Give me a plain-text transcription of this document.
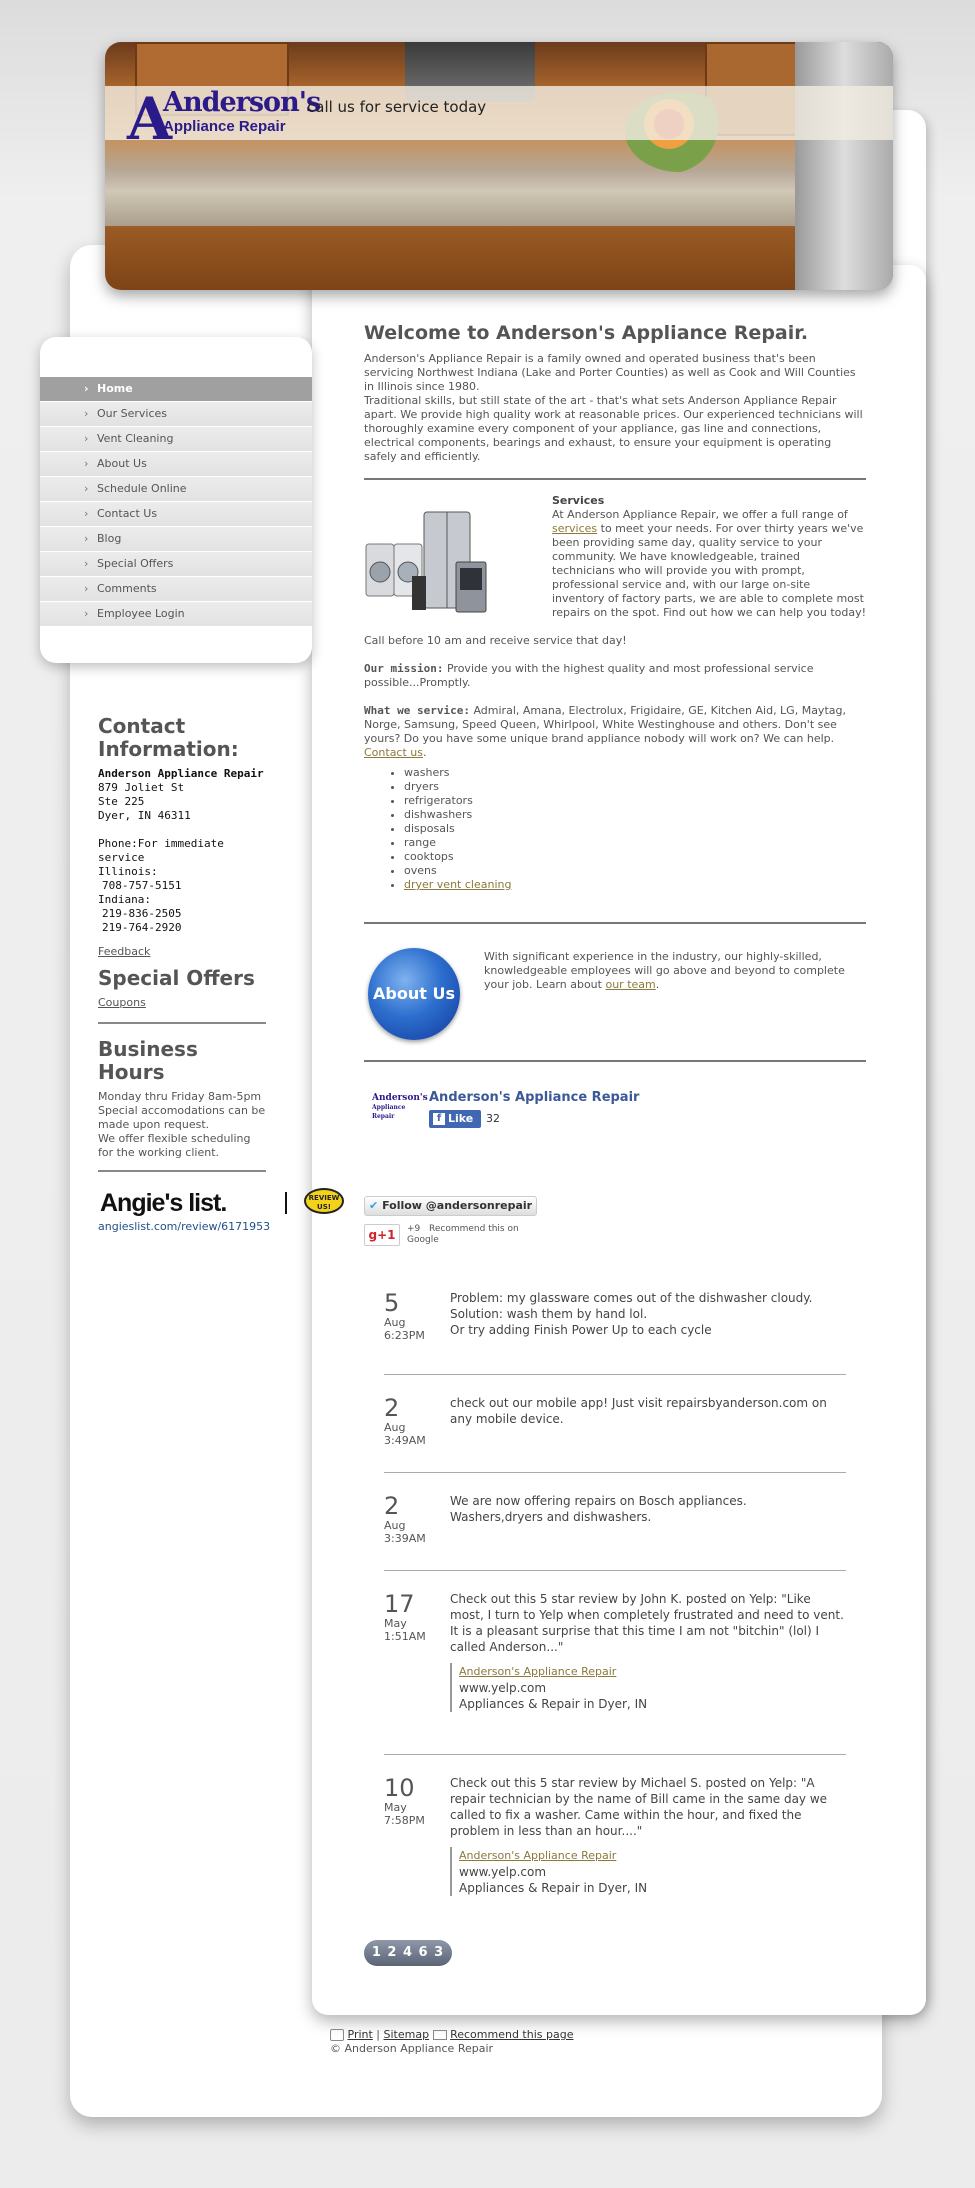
A
Anderson's
Appliance Repair
call us for service today
› Home
› Our Services
› Vent Cleaning
› About Us
› Schedule Online
› Contact Us
› Blog
› Special Offers
› Comments
› Employee Login
Contact Information:

Anderson Appliance Repair

879 Joliet St

Ste 225

Dyer, IN 46311

Phone:For immediate service

Illinois:

708-757-5151

Indiana:

219-836-2505

219-764-2920

Feedback
Special Offers
Coupons
Business Hours

Monday thru Friday 8am-5pm

Special accomodations can be made upon request.

We offer flexible scheduling for the working client.

Angie's list.	REVIEW US!
angieslist.com/review/6171953
Welcome to Anderson's Appliance Repair.

Anderson's Appliance Repair is a family owned and operated business that's been servicing Northwest Indiana (Lake and Porter Counties) as well as Cook and Will Counties in Illinois since 1980.

Traditional skills, but still state of the art - that's what sets Anderson Appliance Repair apart. We provide high quality work at reasonable prices. Our experienced technicians will thoroughly examine every component of your appliance, gas line and connections, electrical components, bearings and exhaust, to ensure your equipment is operating safely and efficiently.

Services

At Anderson Appliance Repair, we offer a full range of services to meet your needs. For over thirty years we've been providing same day, quality service to your community. We have knowledgeable, trained technicians who will provide you with prompt, professional service and, with our large on-site inventory of factory parts, we are able to complete most repairs on the spot. Find out how we can help you today!

Call before 10 am and receive service that day!

Our mission: Provide you with the highest quality and most professional service possible...Promptly.

What we service: Admiral, Amana, Electrolux, Frigidaire, GE, Kitchen Aid, LG, Maytag, Norge, Samsung, Speed Queen, Whirlpool, White Westinghouse and others. Don't see yours? Do you have some unique brand appliance nobody will work on? We can help. Contact us.

• washers
• dryers
• refrigerators
• dishwashers
• disposals
• range
• cooktops
• ovens
• dryer vent cleaning
About Us

With significant experience in the industry, our highly-skilled, knowledgeable employees will go above and beyond to complete your job. Learn about our team.

Anderson's
Appliance Repair
Anderson's Appliance Repair
f Like	32
✔ Follow @andersonrepair
g+1	+9 Recommend this on Google
5
Aug
6:23PM
Problem: my glassware comes out of the dishwasher cloudy.
Solution: wash them by hand lol.
Or try adding Finish Power Up to each cycle
2
Aug
3:49AM
check out our mobile app! Just visit repairsbyanderson.com on any mobile device.
2
Aug
3:39AM
We are now offering repairs on Bosch appliances.
Washers,dryers and dishwashers.
17
May
1:51AM
Check out this 5 star review by John K. posted on Yelp: "Like most, I turn to Yelp when completely frustrated and need to vent. It is a pleasant surprise that this time I am not "bitchin" (lol) I called Anderson..."
Anderson's Appliance Repair
www.yelp.com
Appliances & Repair in Dyer, IN
10
May
7:58PM
Check out this 5 star review by Michael S. posted on Yelp: "A repair technician by the name of Bill came in the same day we called to fix a washer. Came within the hour, and fixed the problem in less than an hour...."
Anderson's Appliance Repair
www.yelp.com
Appliances & Repair in Dyer, IN
1 2 4 6 3
Print | Sitemap Recommend this page
© Anderson Appliance Repair
